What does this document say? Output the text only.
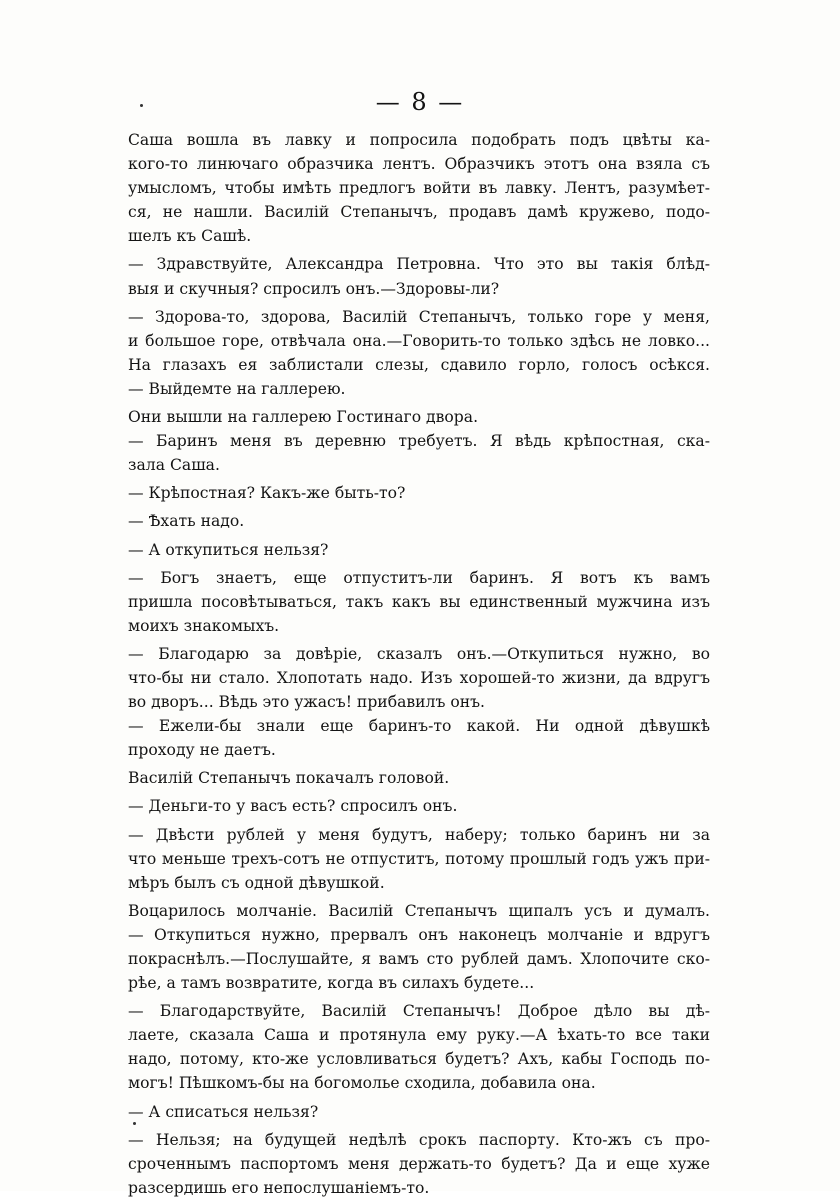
— 8 —
Саша вошла въ лавку и попросила подобрать подъ цвѣты ка-
кого-то линючаго образчика лентъ. Образчикъ этотъ она взяла съ
умысломъ, чтобы имѣть предлогъ войти въ лавку. Лентъ, разумѣет-
ся, не нашли. Василій Степанычъ, продавъ дамѣ кружево, подо-
шелъ къ Сашѣ.
— Здравствуйте, Александра Петровна. Что это вы такія блѣд-
выя и скучныя? спросилъ онъ.—Здоровы-ли?
— Здорова-то, здорова, Василій Степанычъ, только горе у меня,
и большое горе, отвѣчала она.—Говорить-то только здѣсь не ловко...
На глазахъ ея заблистали слезы, сдавило горло, голосъ осѣкся.
— Выйдемте на галлерею.
Они вышли на галлерею Гостинаго двора.
— Баринъ меня въ деревню требуетъ. Я вѣдь крѣпостная, ска-
зала Саша.
— Крѣпостная? Какъ-же быть-то?
— Ѣхать надо.
— А откупиться нельзя?
— Богъ знаетъ, еще отпуститъ-ли баринъ. Я вотъ къ вамъ
пришла посовѣтываться, такъ какъ вы единственный мужчина изъ
моихъ знакомыхъ.
— Благодарю за довѣріе, сказалъ онъ.—Откупиться нужно, во
что-бы ни стало. Хлопотать надо. Изъ хорошей-то жизни, да вдругъ
во дворъ... Вѣдь это ужасъ! прибавилъ онъ.
— Ежели-бы знали еще баринъ-то какой. Ни одной дѣвушкѣ
проходу не даетъ.
Василій Степанычъ покачалъ головой.
— Деньги-то у васъ есть? спросилъ онъ.
— Двѣсти рублей у меня будутъ, наберу; только баринъ ни за
что меньше трехъ-сотъ не отпуститъ, потому прошлый годъ ужъ при-
мѣръ былъ съ одной дѣвушкой.
Воцарилось молчаніе. Василій Степанычъ щипалъ усъ и думалъ.
— Откупиться нужно, прервалъ онъ наконецъ молчаніе и вдругъ
покраснѣлъ.—Послушайте, я вамъ сто рублей дамъ. Хлопочите ско-
рѣе, а тамъ возвратите, когда въ силахъ будете...
— Благодарствуйте, Василій Степанычъ! Доброе дѣло вы дѣ-
лаете, сказала Саша и протянула ему руку.—А ѣхать-то все таки
надо, потому, кто-же условливаться будетъ? Ахъ, кабы Господь по-
могъ! Пѣшкомъ-бы на богомолье сходила, добавила она.
— А списаться нельзя?
— Нельзя; на будущей недѣлѣ срокъ паспорту. Кто-жъ съ про-
сроченнымъ паспортомъ меня держать-то будетъ? Да и еще хуже
разсердишь его непослушаніемъ-то.
